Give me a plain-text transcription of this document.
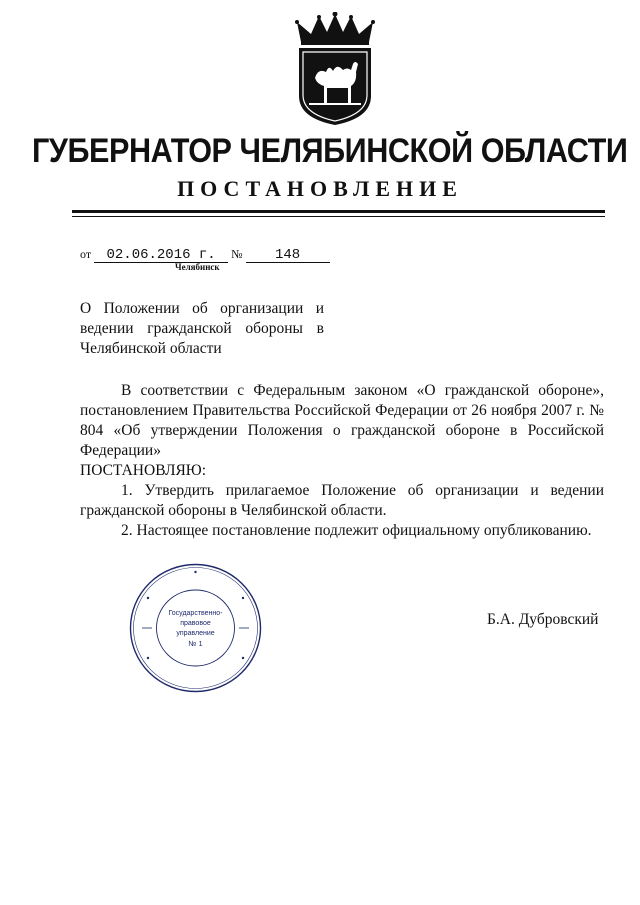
ГУБЕРНАТОР ЧЕЛЯБИНСКОЙ ОБЛАСТИ
ПОСТАНОВЛЕНИЕ
от 02.06.2016 г. № 148
Челябинск
О Положении об организации и ведении гражданской обороны в Челябинской области

В соответствии с Федеральным законом «О гражданской обороне», постановлением Правительства Российской Федерации от 26 ноября 2007 г. № 804 «Об утверждении Положения о гражданской обороне в Российской Федерации»

ПОСТАНОВЛЯЮ:

1. Утвердить прилагаемое Положение об организации и ведении гражданской обороны в Челябинской области.

2. Настоящее постановление подлежит официальному опубликованию.

Государственно-
правовое
управление
№ 1
Б.А. Дубровский
